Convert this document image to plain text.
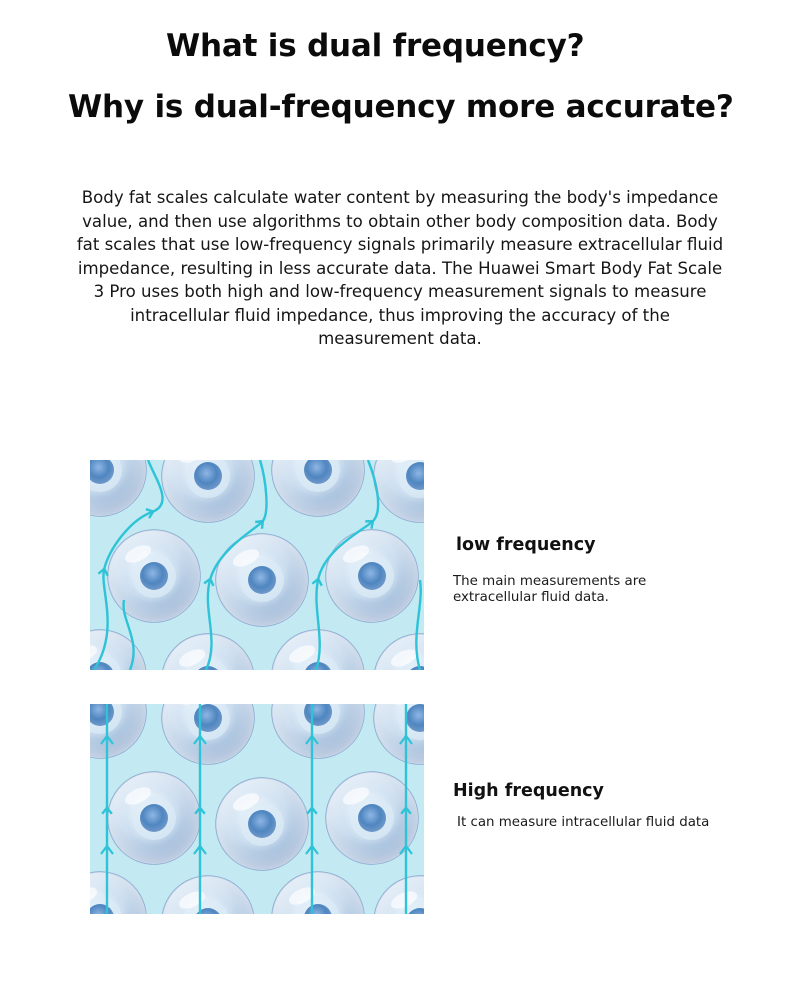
What is dual frequency?
Why is dual-frequency more accurate?
Body fat scales calculate water content by measuring the body's impedance value, and then use algorithms to obtain other body composition data. Body fat scales that use low-frequency signals primarily measure extracellular fluid impedance, resulting in less accurate data. The Huawei Smart Body Fat Scale 3 Pro uses both high and low-frequency measurement signals to measure intracellular fluid impedance, thus improving the accuracy of the measurement data.
low frequency
The main measurements are extracellular fluid data.
High frequency
It can measure intracellular fluid data
